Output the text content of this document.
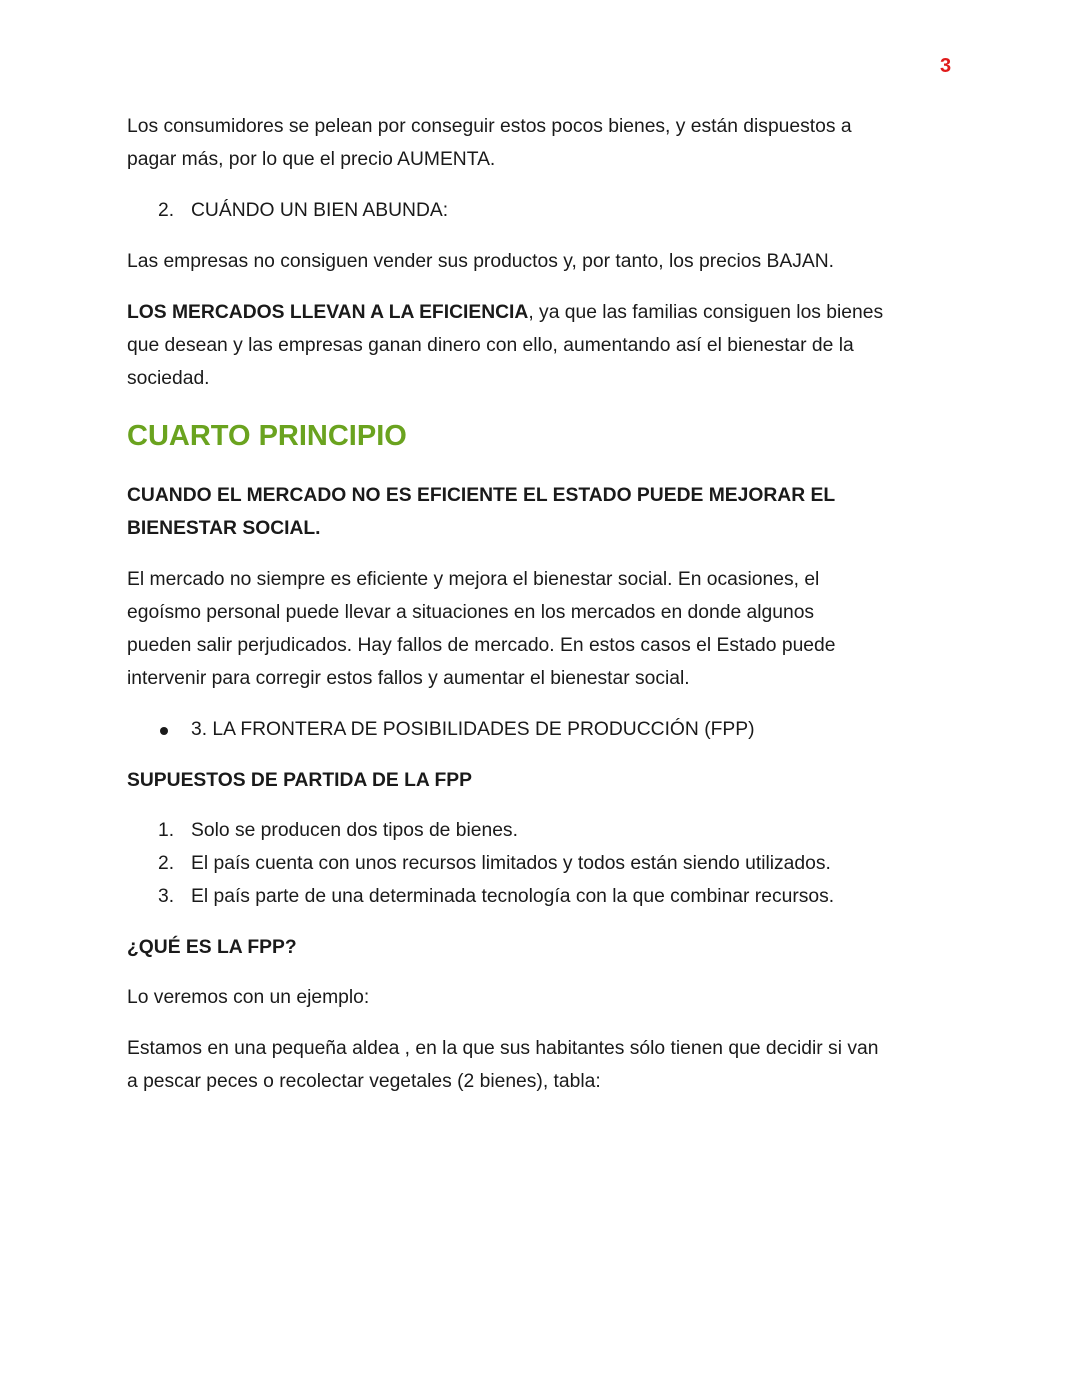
3
Los consumidores se pelean por conseguir estos pocos bienes, y están dispuestos a
pagar más, por lo que el precio AUMENTA.
2. CUÁNDO UN BIEN ABUNDA:
Las empresas no consiguen vender sus productos y, por tanto, los precios BAJAN.
LOS MERCADOS LLEVAN A LA EFICIENCIA, ya que las familias consiguen los bienes
que desean y las empresas ganan dinero con ello, aumentando así el bienestar de la
sociedad.
CUARTO PRINCIPIO
CUANDO EL MERCADO NO ES EFICIENTE EL ESTADO PUEDE MEJORAR EL
BIENESTAR SOCIAL.
El mercado no siempre es eficiente y mejora el bienestar social. En ocasiones, el
egoísmo personal puede llevar a situaciones en los mercados en donde algunos
pueden salir perjudicados. Hay fallos de mercado. En estos casos el Estado puede
intervenir para corregir estos fallos y aumentar el bienestar social.
3. LA FRONTERA DE POSIBILIDADES DE PRODUCCIÓN (FPP)
SUPUESTOS DE PARTIDA DE LA FPP
1. Solo se producen dos tipos de bienes.
2. El país cuenta con unos recursos limitados y todos están siendo utilizados.
3. El país parte de una determinada tecnología con la que combinar recursos.
¿QUÉ ES LA FPP?
Lo veremos con un ejemplo:
Estamos en una pequeña aldea , en la que sus habitantes sólo tienen que decidir si van
a pescar peces o recolectar vegetales (2 bienes), tabla:
